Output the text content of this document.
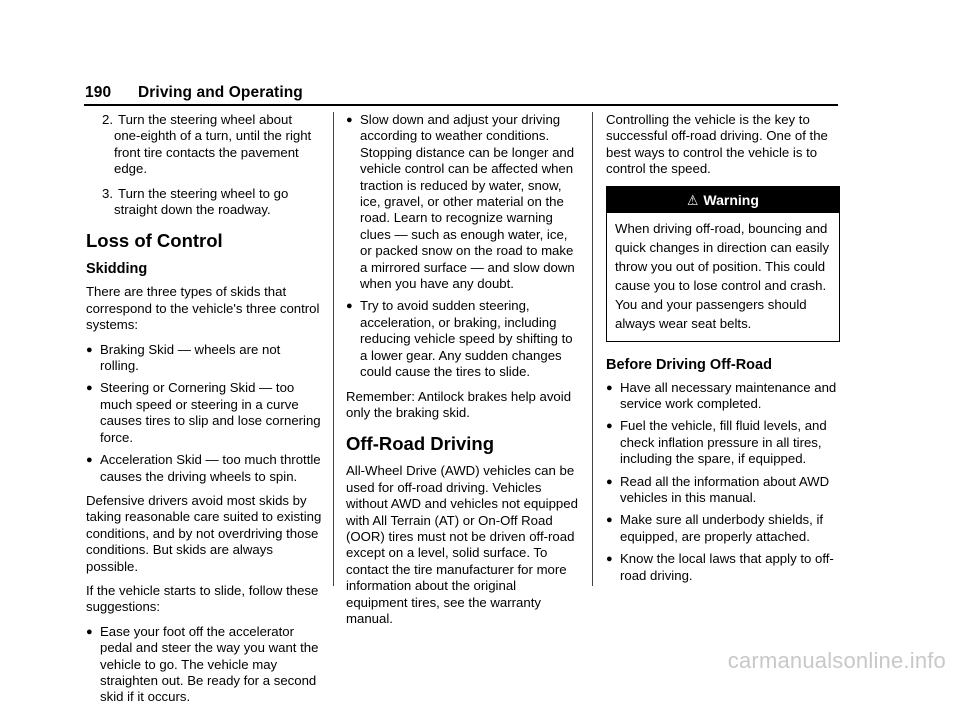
190 Driving and Operating

2. Turn the steering wheel about one-eighth of a turn, until the right front tire contacts the pavement edge.

3. Turn the steering wheel to go straight down the roadway.

Loss of Control
Skidding

There are three types of skids that correspond to the vehicle's three control systems:

● Braking Skid — wheels are not rolling.
● Steering or Cornering Skid — too much speed or steering in a curve causes tires to slip and lose cornering force.
● Acceleration Skid — too much throttle causes the driving wheels to spin.

Defensive drivers avoid most skids by taking reasonable care suited to existing conditions, and by not overdriving those conditions. But skids are always possible.

If the vehicle starts to slide, follow these suggestions:

● Ease your foot off the accelerator pedal and steer the way you want the vehicle to go. The vehicle may straighten out. Be ready for a second skid if it occurs.
● Slow down and adjust your driving according to weather conditions. Stopping distance can be longer and vehicle control can be affected when traction is reduced by water, snow, ice, gravel, or other material on the road. Learn to recognize warning clues — such as enough water, ice, or packed snow on the road to make a mirrored surface — and slow down when you have any doubt.
● Try to avoid sudden steering, acceleration, or braking, including reducing vehicle speed by shifting to a lower gear. Any sudden changes could cause the tires to slide.

Remember: Antilock brakes help avoid only the braking skid.

Off-Road Driving

All-Wheel Drive (AWD) vehicles can be used for off-road driving. Vehicles without AWD and vehicles not equipped with All Terrain (AT) or On-Off Road (OOR) tires must not be driven off-road except on a level, solid surface. To contact the tire manufacturer for more information about the original equipment tires, see the warranty manual.

Controlling the vehicle is the key to successful off-road driving. One of the best ways to control the vehicle is to control the speed.

⚠ Warning
When driving off-road, bouncing and quick changes in direction can easily throw you out of position. This could cause you to lose control and crash. You and your passengers should always wear seat belts.
Before Driving Off-Road
● Have all necessary maintenance and service work completed.
● Fuel the vehicle, fill fluid levels, and check inflation pressure in all tires, including the spare, if equipped.
● Read all the information about AWD vehicles in this manual.
● Make sure all underbody shields, if equipped, are properly attached.
● Know the local laws that apply to off-road driving.
carmanualsonline.info
